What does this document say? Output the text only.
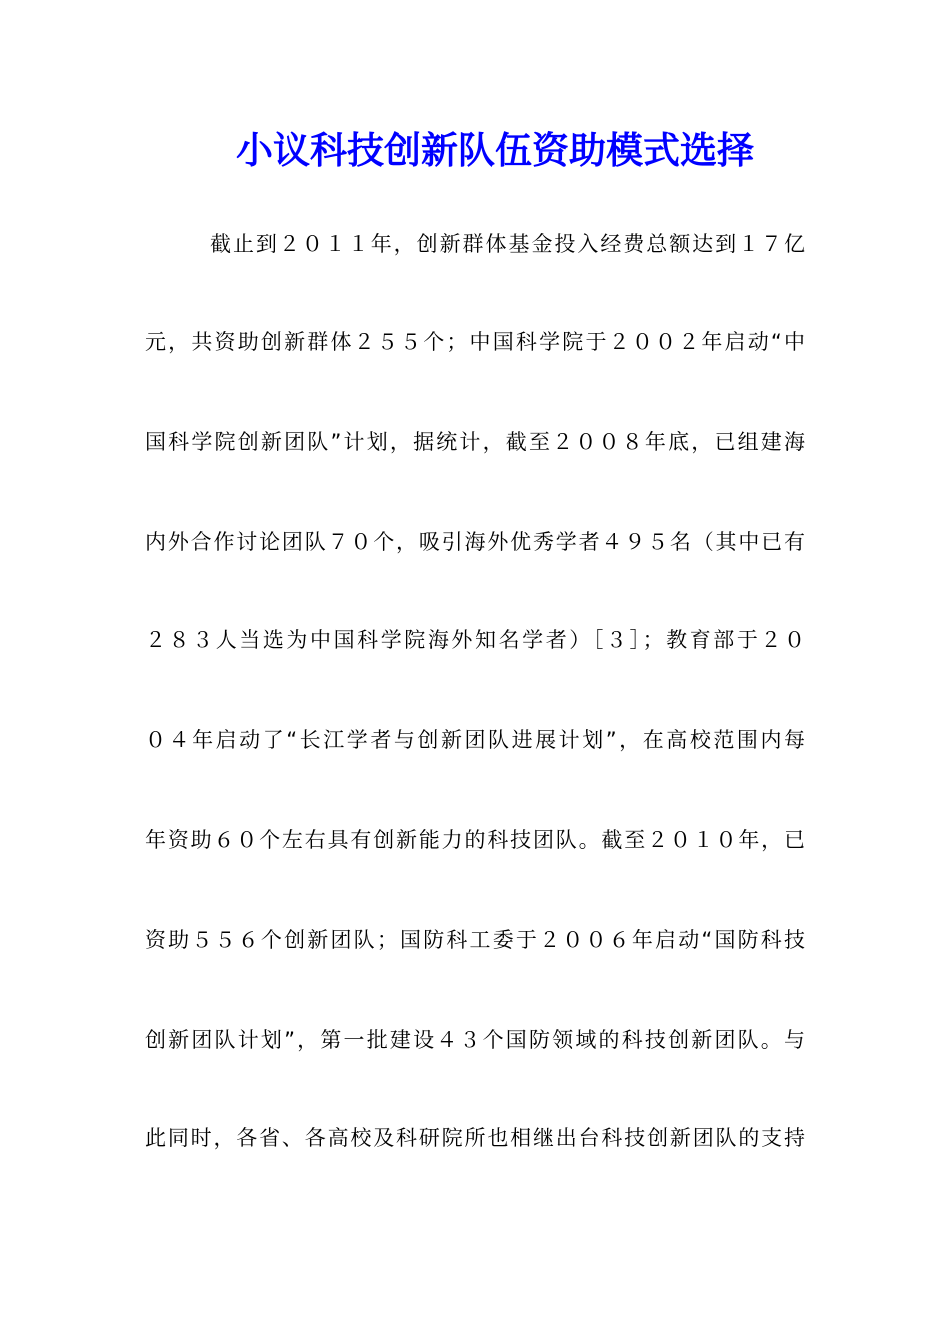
小议科技创新队伍资助模式选择
截止到２０１１年，创新群体基金投入经费总额达到１７亿
元，共资助创新群体２５５个；中国科学院于２００２年启动“中
国科学院创新团队”计划，据统计，截至２００８年底，已组建海
内外合作讨论团队７０个，吸引海外优秀学者４９５名（其中已有
２８３人当选为中国科学院海外知名学者）［３］；教育部于２０
０４年启动了“长江学者与创新团队进展计划”，在高校范围内每
年资助６０个左右具有创新能力的科技团队。截至２０１０年，已
资助５５６个创新团队；国防科工委于２００６年启动“国防科技
创新团队计划”，第一批建设４３个国防领域的科技创新团队。与
此同时，各省、各高校及科研院所也相继出台科技创新团队的支持
